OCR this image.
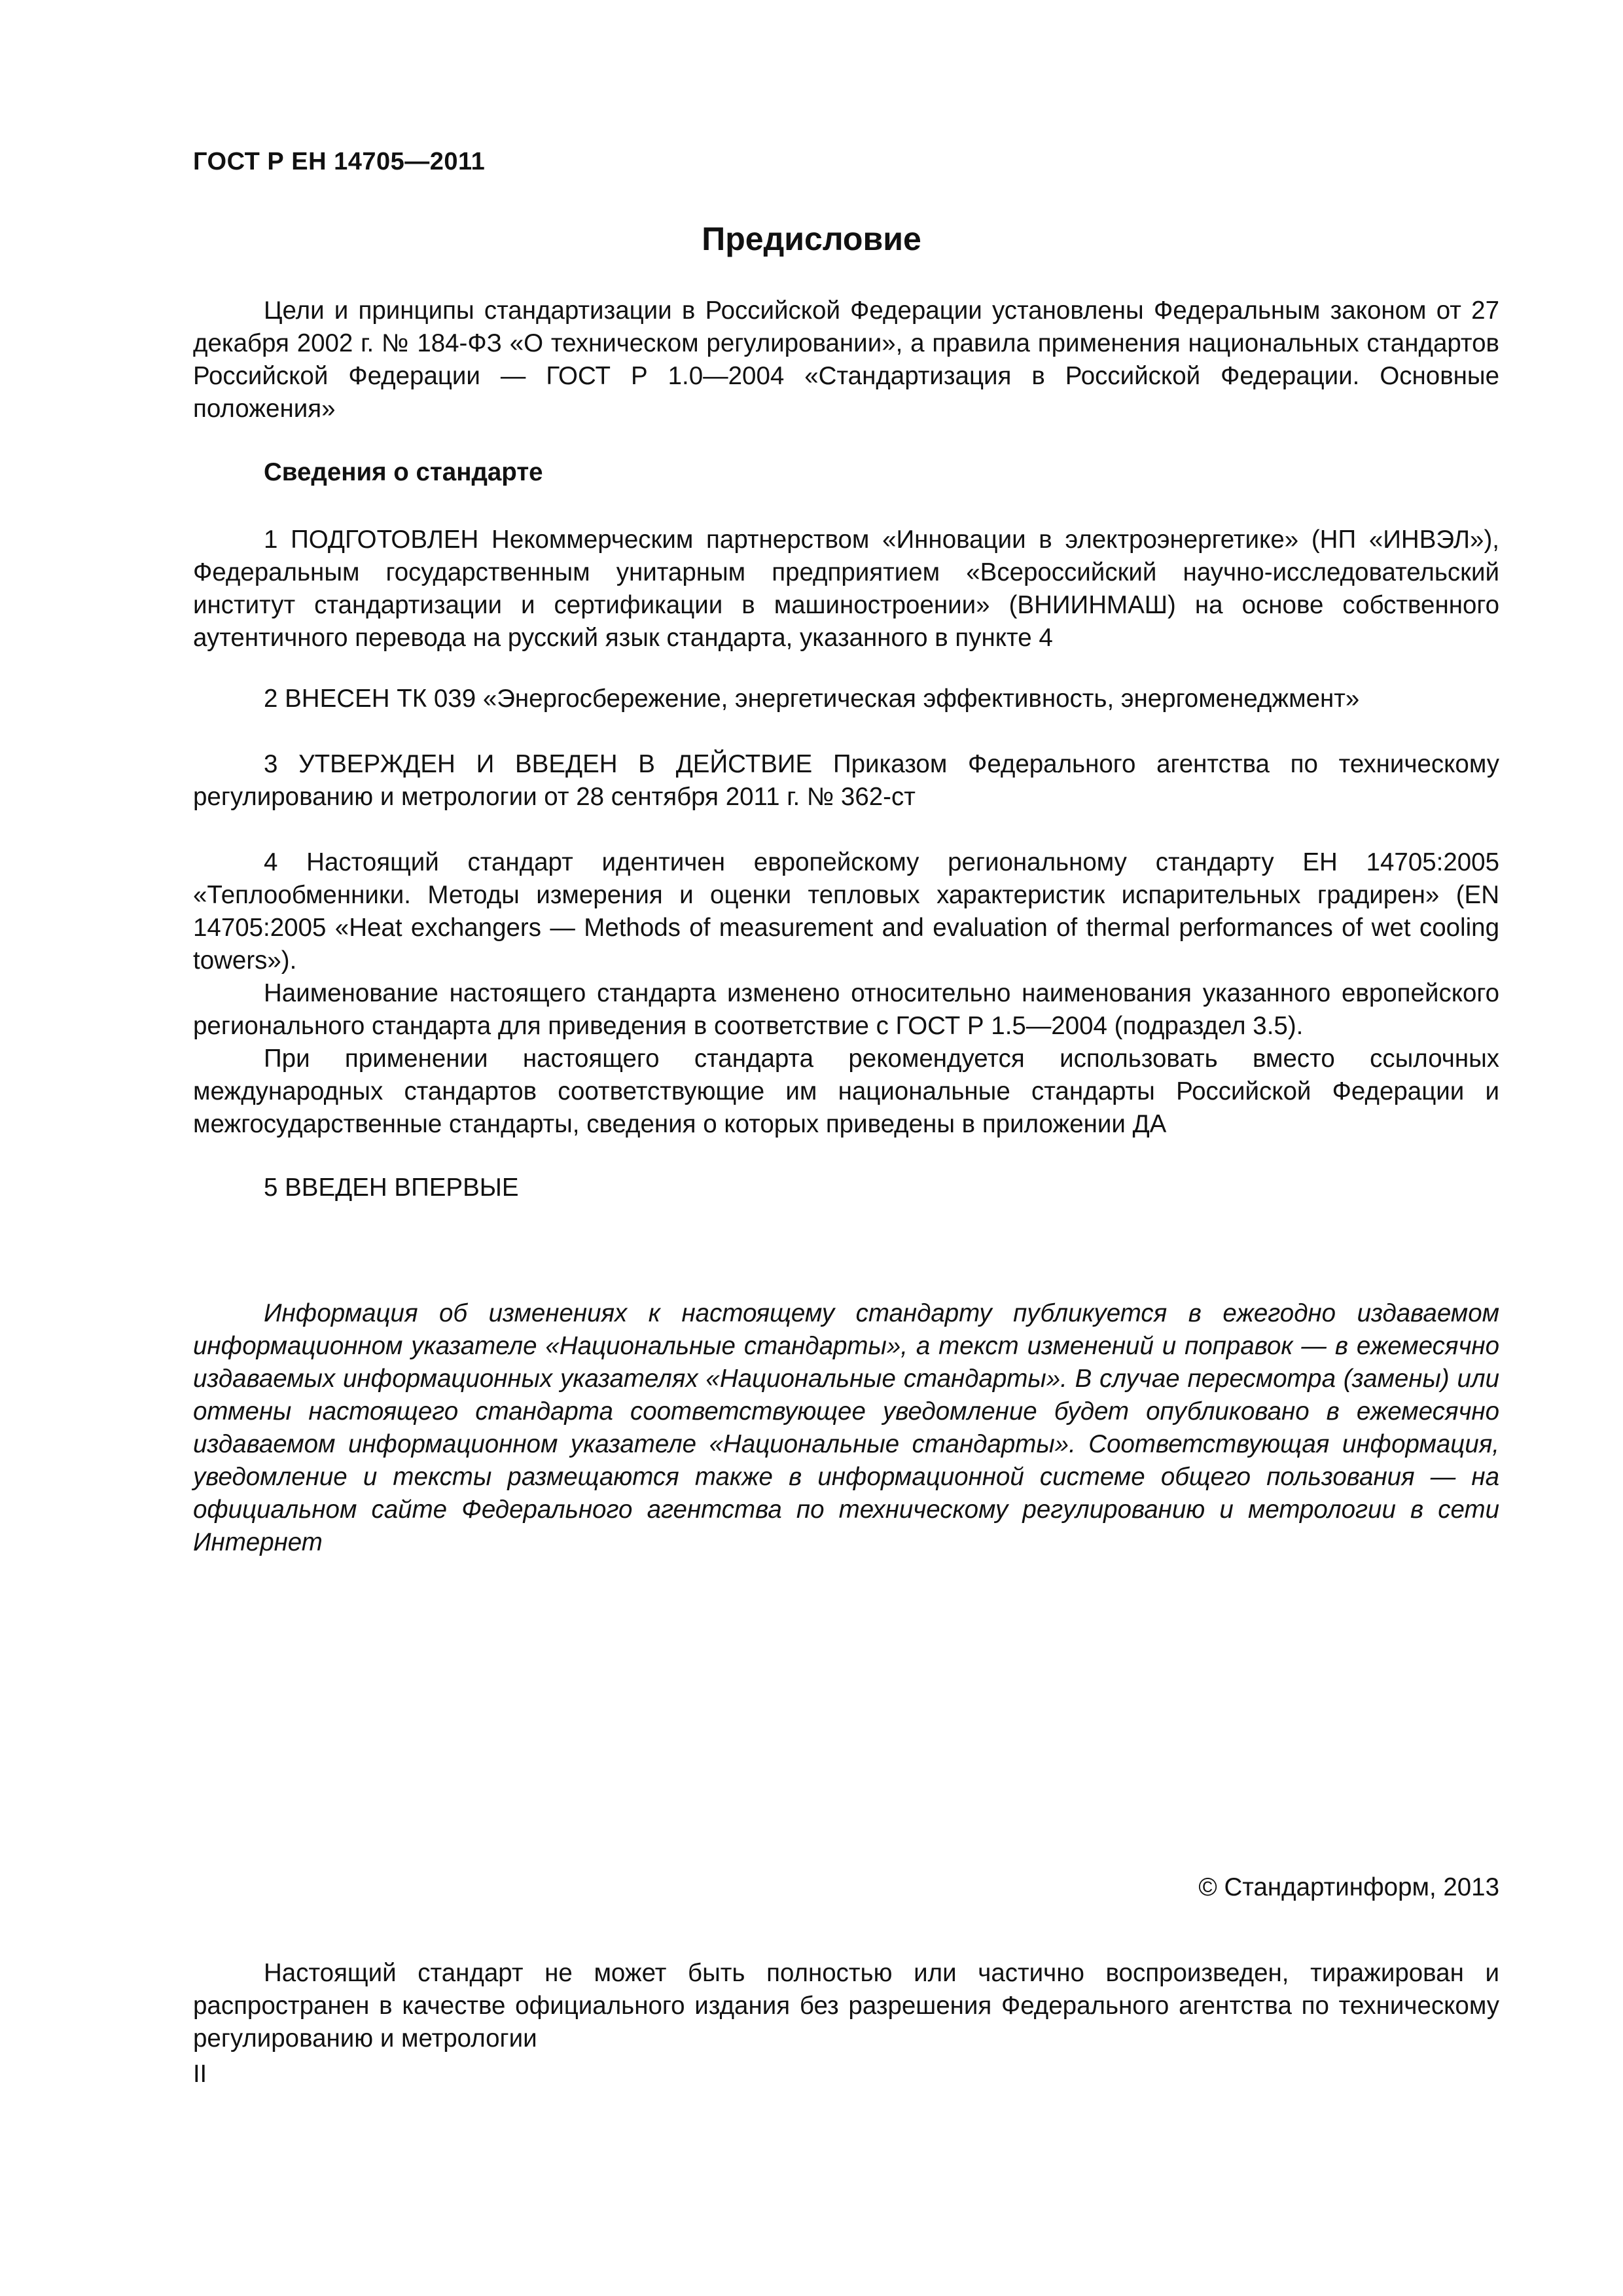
ГОСТ Р ЕН 14705—2011
Предисловие

Цели и принципы стандартизации в Российской Федерации установлены Федеральным законом от 27 декабря 2002 г. № 184-ФЗ «О техническом регулировании», а правила применения национальных стандартов Российской Федерации — ГОСТ Р 1.0—2004 «Стандартизация в Российской Федерации. Основные положения»

Сведения о стандарте

1 ПОДГОТОВЛЕН Некоммерческим партнерством «Инновации в электроэнергетике» (НП «ИНВЭЛ»), Федеральным государственным унитарным предприятием «Всероссийский научно-исследовательский институт стандартизации и сертификации в машиностроении» (ВНИИНМАШ) на основе собственного аутентичного перевода на русский язык стандарта, указанного в пункте 4

2 ВНЕСЕН ТК 039 «Энергосбережение, энергетическая эффективность, энергоменеджмент»

3 УТВЕРЖДЕН И ВВЕДЕН В ДЕЙСТВИЕ Приказом Федерального агентства по техническому регулированию и метрологии от 28 сентября 2011 г. № 362-ст

4 Настоящий стандарт идентичен европейскому региональному стандарту ЕН 14705:2005 «Теплообменники. Методы измерения и оценки тепловых характеристик испарительных градирен» (EN 14705:2005 «Heat exchangers — Methods of measurement and evaluation of thermal performances of wet cooling towers»).

Наименование настоящего стандарта изменено относительно наименования указанного европейского регионального стандарта для приведения в соответствие с ГОСТ Р 1.5—2004 (подраздел 3.5).

При применении настоящего стандарта рекомендуется использовать вместо ссылочных международных стандартов соответствующие им национальные стандарты Российской Федерации и межгосударственные стандарты, сведения о которых приведены в приложении ДА

5 ВВЕДЕН ВПЕРВЫЕ

Информация об изменениях к настоящему стандарту публикуется в ежегодно издаваемом информационном указателе «Национальные стандарты», а текст изменений и поправок — в ежемесячно издаваемых информационных указателях «Национальные стандарты». В случае пересмотра (замены) или отмены настоящего стандарта соответствующее уведомление будет опубликовано в ежемесячно издаваемом информационном указателе «Национальные стандарты». Соответствующая информация, уведомление и тексты размещаются также в информационной системе общего пользования — на официальном сайте Федерального агентства по техническому регулированию и метрологии в сети Интернет

© Стандартинформ, 2013

Настоящий стандарт не может быть полностью или частично воспроизведен, тиражирован и распространен в качестве официального издания без разрешения Федерального агентства по техническому регулированию и метрологии

II
